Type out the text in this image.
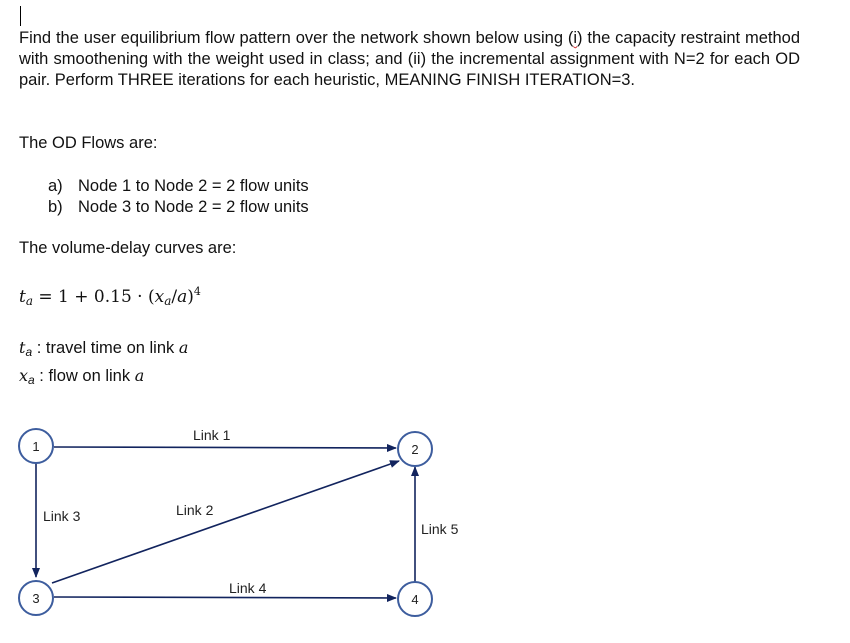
Find the user equilibrium flow pattern over the network shown below using (i) the capacity restraint method with smoothening with the weight used in class; and (ii) the incremental assignment with N=2 for each OD pair. Perform THREE iterations for each heuristic, MEANING FINISH ITERATION=3.

The OD Flows are:

a) Node 1 to Node 2 = 2 flow units
b) Node 3 to Node 2 = 2 flow units

The volume-delay curves are:

$t_a = 1 + 0.15 \cdot (x_a/a)^4$

$t_a$ : travel time on link a

$x_a$ : flow on link a

1	2
3	4
Link 1
Link 2
Link 3
Link 4
Link 5
